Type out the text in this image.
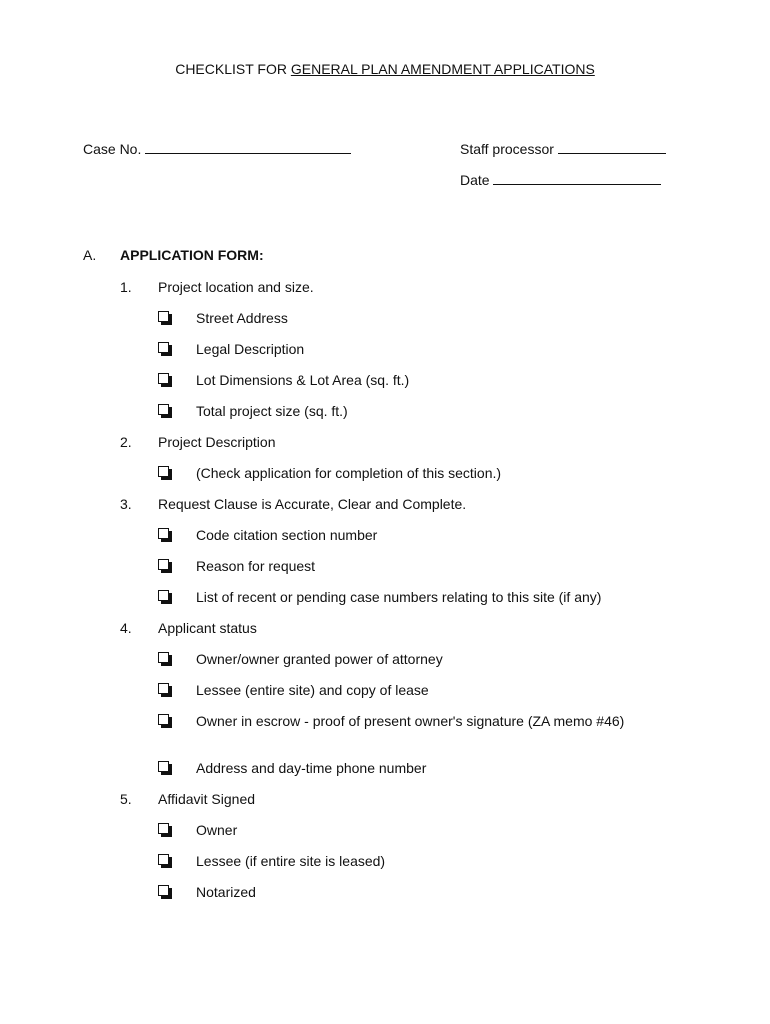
CHECKLIST FOR GENERAL PLAN AMENDMENT APPLICATIONS
Case No.	Staff processor
Date
A. APPLICATION FORM:
1. Project location and size.
Street Address
Legal Description
Lot Dimensions & Lot Area (sq. ft.)
Total project size (sq. ft.)
2. Project Description
(Check application for completion of this section.)
3. Request Clause is Accurate, Clear and Complete.
Code citation section number
Reason for request
List of recent or pending case numbers relating to this site (if any)
4. Applicant status
Owner/owner granted power of attorney
Lessee (entire site) and copy of lease
Owner in escrow - proof of present owner's signature (ZA memo #46)
Address and day-time phone number
5. Affidavit Signed
Owner
Lessee (if entire site is leased)
Notarized
